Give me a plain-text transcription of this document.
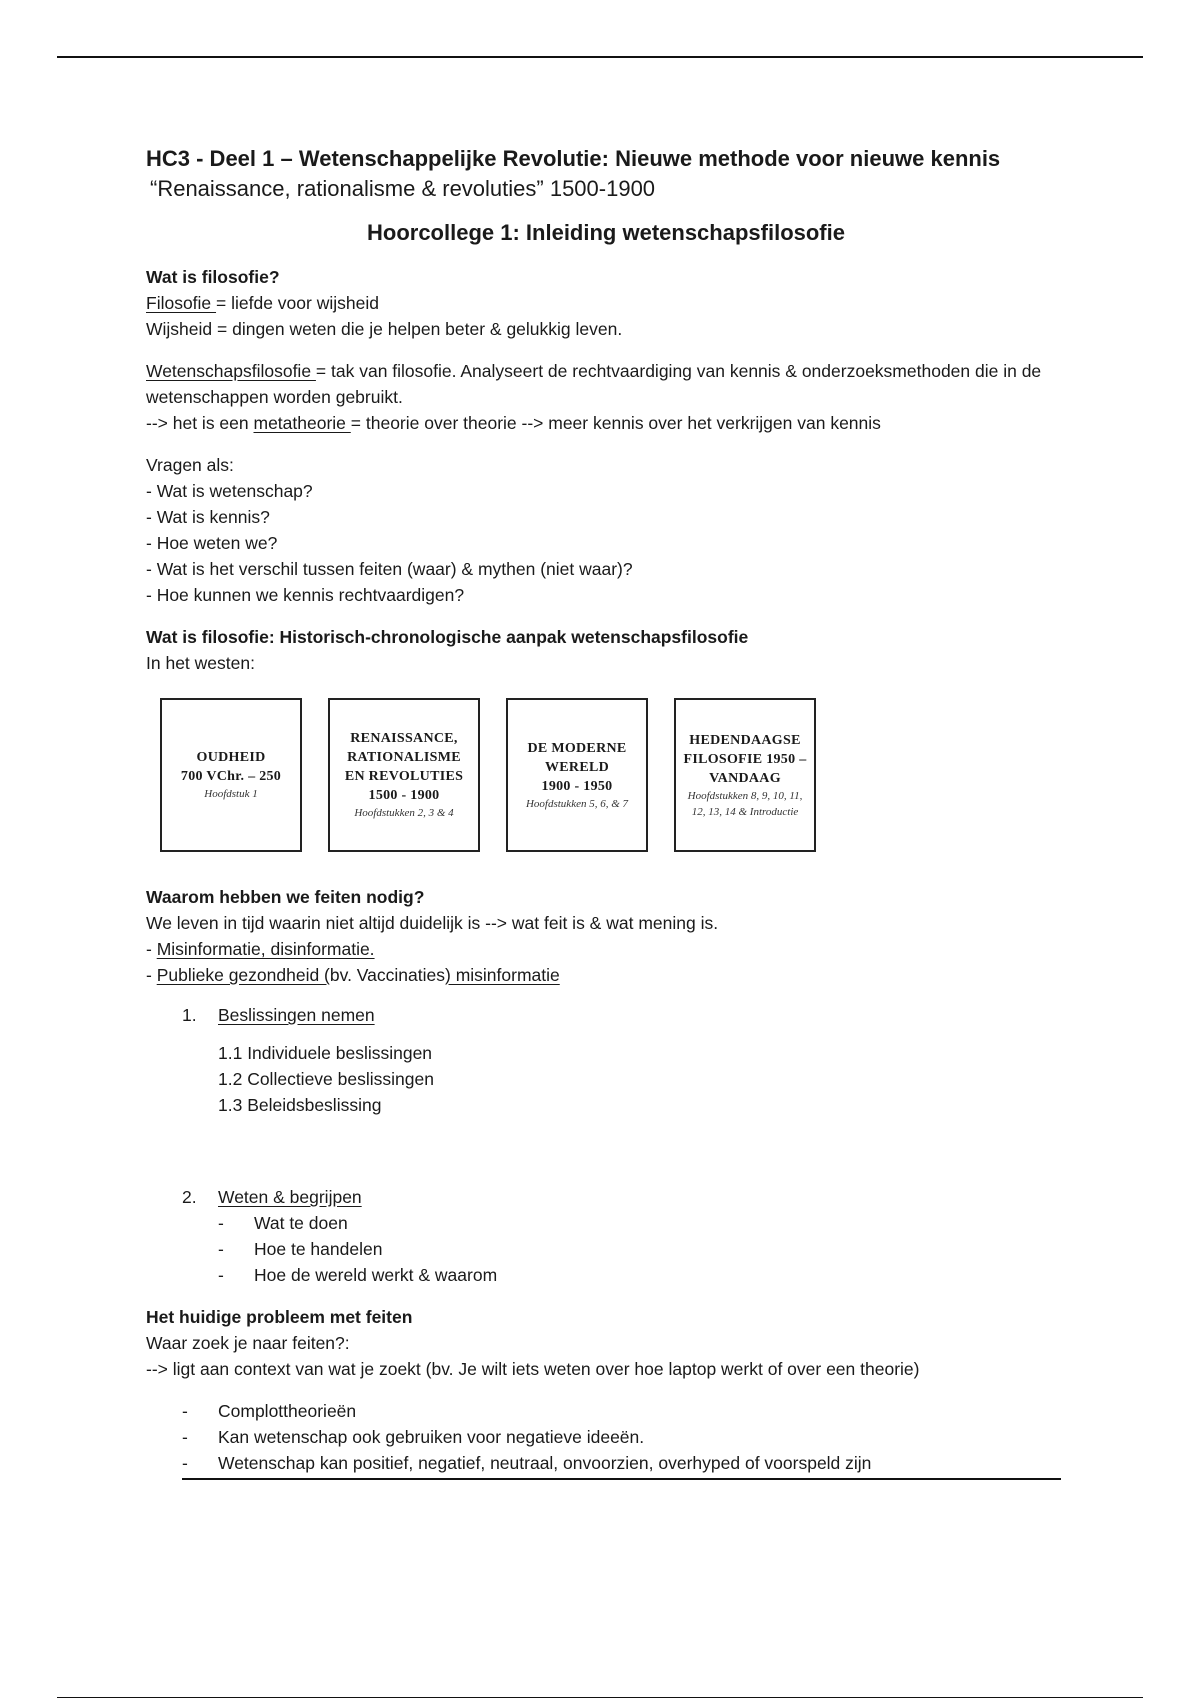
HC3 - Deel 1 – Wetenschappelijke Revolutie: Nieuwe methode voor nieuwe kennis

“Renaissance, rationalisme & revoluties” 1500-1900

Hoorcollege 1: Inleiding wetenschapsfilosofie
Wat is filosofie?

Filosofie = liefde voor wijsheid

Wijsheid = dingen weten die je helpen beter & gelukkig leven.

Wetenschapsfilosofie = tak van filosofie. Analyseert de rechtvaardiging van kennis & onderzoeksmethoden die in de wetenschappen worden gebruikt.

--> het is een metatheorie = theorie over theorie --> meer kennis over het verkrijgen van kennis

Vragen als:

- Wat is wetenschap?

- Wat is kennis?

- Hoe weten we?

- Wat is het verschil tussen feiten (waar) & mythen (niet waar)?

- Hoe kunnen we kennis rechtvaardigen?

Wat is filosofie: Historisch-chronologische aanpak wetenschapsfilosofie

In het westen:

OUDHEID
700 VChr. – 250
Hoofdstuk 1
RENAISSANCE, RATIONALISME EN REVOLUTIES
1500 - 1900
Hoofdstukken 2, 3 & 4
DE MODERNE WERELD
1900 - 1950
Hoofdstukken 5, 6, & 7
HEDENDAAGSE FILOSOFIE 1950 – VANDAAG
Hoofdstukken 8, 9, 10, 11, 12, 13, 14 & Introductie
Waarom hebben we feiten nodig?

We leven in tijd waarin niet altijd duidelijk is --> wat feit is & wat mening is.

- Misinformatie, disinformatie.

- Publieke gezondheid (bv. Vaccinaties) misinformatie

1.	Beslissingen nemen
1.1 Individuele beslissingen
1.2 Collectieve beslissingen
1.3 Beleidsbeslissing
2.	Weten & begrijpen
-	Wat te doen
-	Hoe te handelen
-	Hoe de wereld werkt & waarom
Het huidige probleem met feiten

Waar zoek je naar feiten?:

--> ligt aan context van wat je zoekt (bv. Je wilt iets weten over hoe laptop werkt of over een theorie)

-	Complottheorieën
-	Kan wetenschap ook gebruiken voor negatieve ideeën.
-	Wetenschap kan positief, negatief, neutraal, onvoorzien, overhyped of voorspeld zijn
